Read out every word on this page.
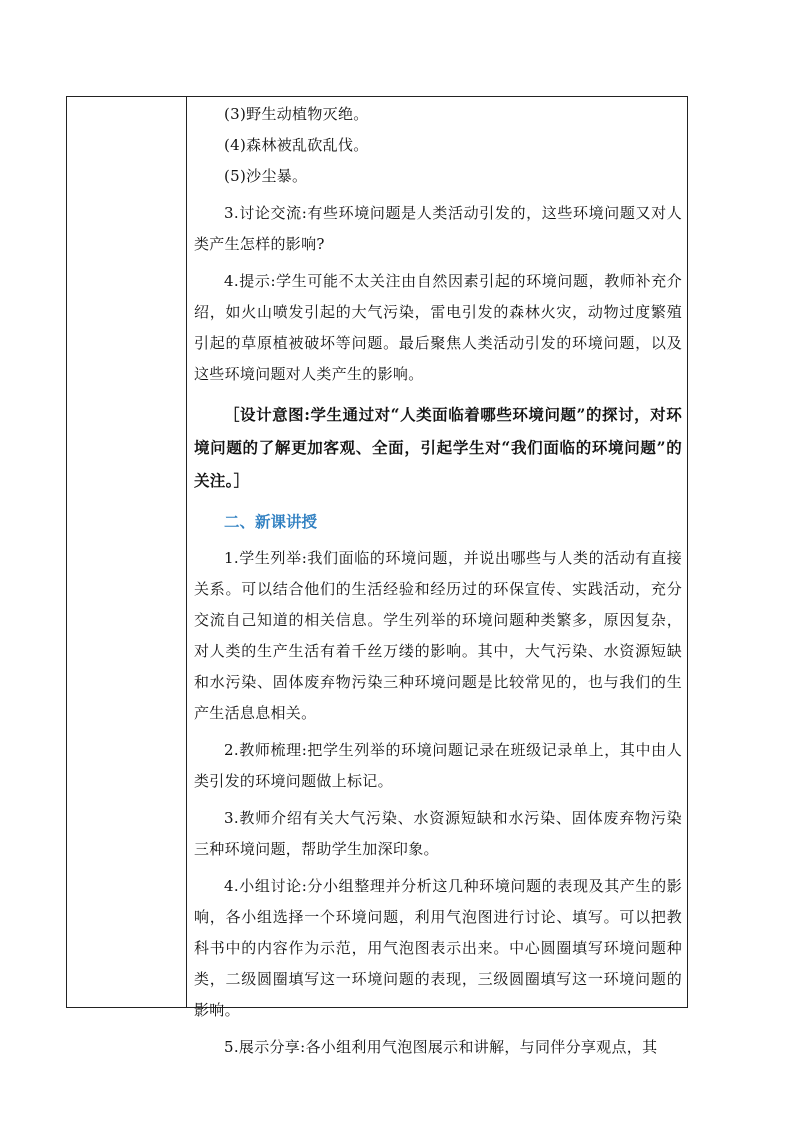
(3)野生动植物灭绝。

(4)森林被乱砍乱伐。

(5)沙尘暴。

3.讨论交流:有些环境问题是人类活动引发的，这些环境问题又对人类产生怎样的影响?

4.提示:学生可能不太关注由自然因素引起的环境问题，教师补充介绍，如火山喷发引起的大气污染，雷电引发的森林火灾，动物过度繁殖引起的草原植被破坏等问题。最后聚焦人类活动引发的环境问题，以及这些环境问题对人类产生的影响。

［设计意图:学生通过对“人类面临着哪些环境问题”的探讨，对环境问题的了解更加客观、全面，引起学生对“我们面临的环境问题”的关注。］

二、新课讲授

1.学生列举:我们面临的环境问题，并说出哪些与人类的活动有直接关系。可以结合他们的生活经验和经历过的环保宣传、实践活动，充分交流自己知道的相关信息。学生列举的环境问题种类繁多，原因复杂，对人类的生产生活有着千丝万缕的影响。其中，大气污染、水资源短缺和水污染、固体废弃物污染三种环境问题是比较常见的，也与我们的生产生活息息相关。

2.教师梳理:把学生列举的环境问题记录在班级记录单上，其中由人类引发的环境问题做上标记。

3.教师介绍有关大气污染、水资源短缺和水污染、固体废弃物污染三种环境问题，帮助学生加深印象。

4.小组讨论:分小组整理并分析这几种环境问题的表现及其产生的影响，各小组选择一个环境问题，利用气泡图进行讨论、填写。可以把教科书中的内容作为示范，用气泡图表示出来。中心圆圈填写环境问题种类，二级圆圈填写这一环境问题的表现，三级圆圈填写这一环境问题的影响。

5.展示分享:各小组利用气泡图展示和讲解，与同伴分享观点，其
